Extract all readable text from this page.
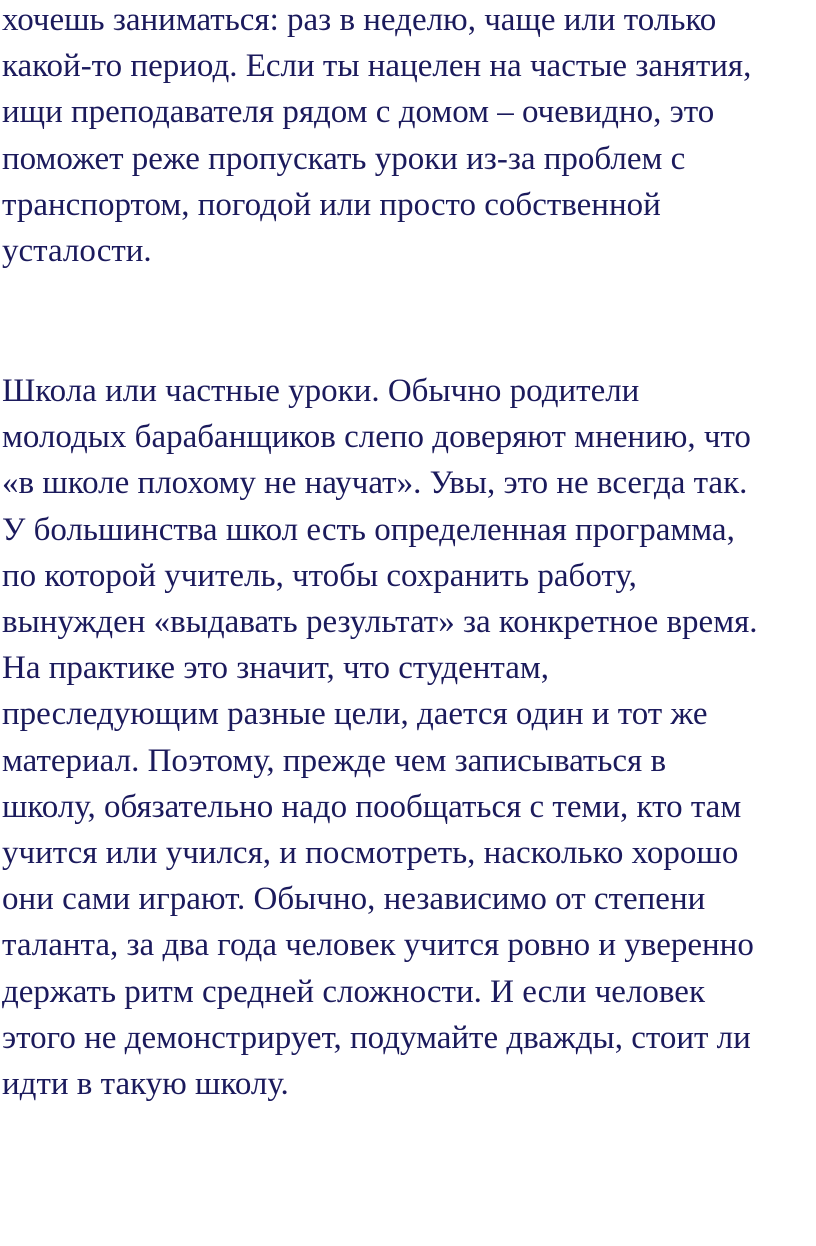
хочешь заниматься: раз в неделю, чаще или только
какой-то период. Если ты нацелен на частые занятия,
ищи преподавателя рядом с домом – очевидно, это
поможет реже пропускать уроки из-за проблем с
транспортом, погодой или просто собственной
усталости.

Школа или частные уроки. Обычно родители
молодых барабанщиков слепо доверяют мнению, что
«в школе плохому не научат». Увы, это не всегда так.
У большинства школ есть определенная программа,
по которой учитель, чтобы сохранить работу,
вынужден «выдавать результат» за конкретное время.
На практике это значит, что студентам,
преследующим разные цели, дается один и тот же
материал. Поэтому, прежде чем записываться в
школу, обязательно надо пообщаться с теми, кто там
учится или учился, и посмотреть, насколько хорошо
они сами играют. Обычно, независимо от степени
таланта, за два года человек учится ровно и уверенно
держать ритм средней сложности. И если человек
этого не демонстрирует, подумайте дважды, стоит ли
идти в такую школу.
